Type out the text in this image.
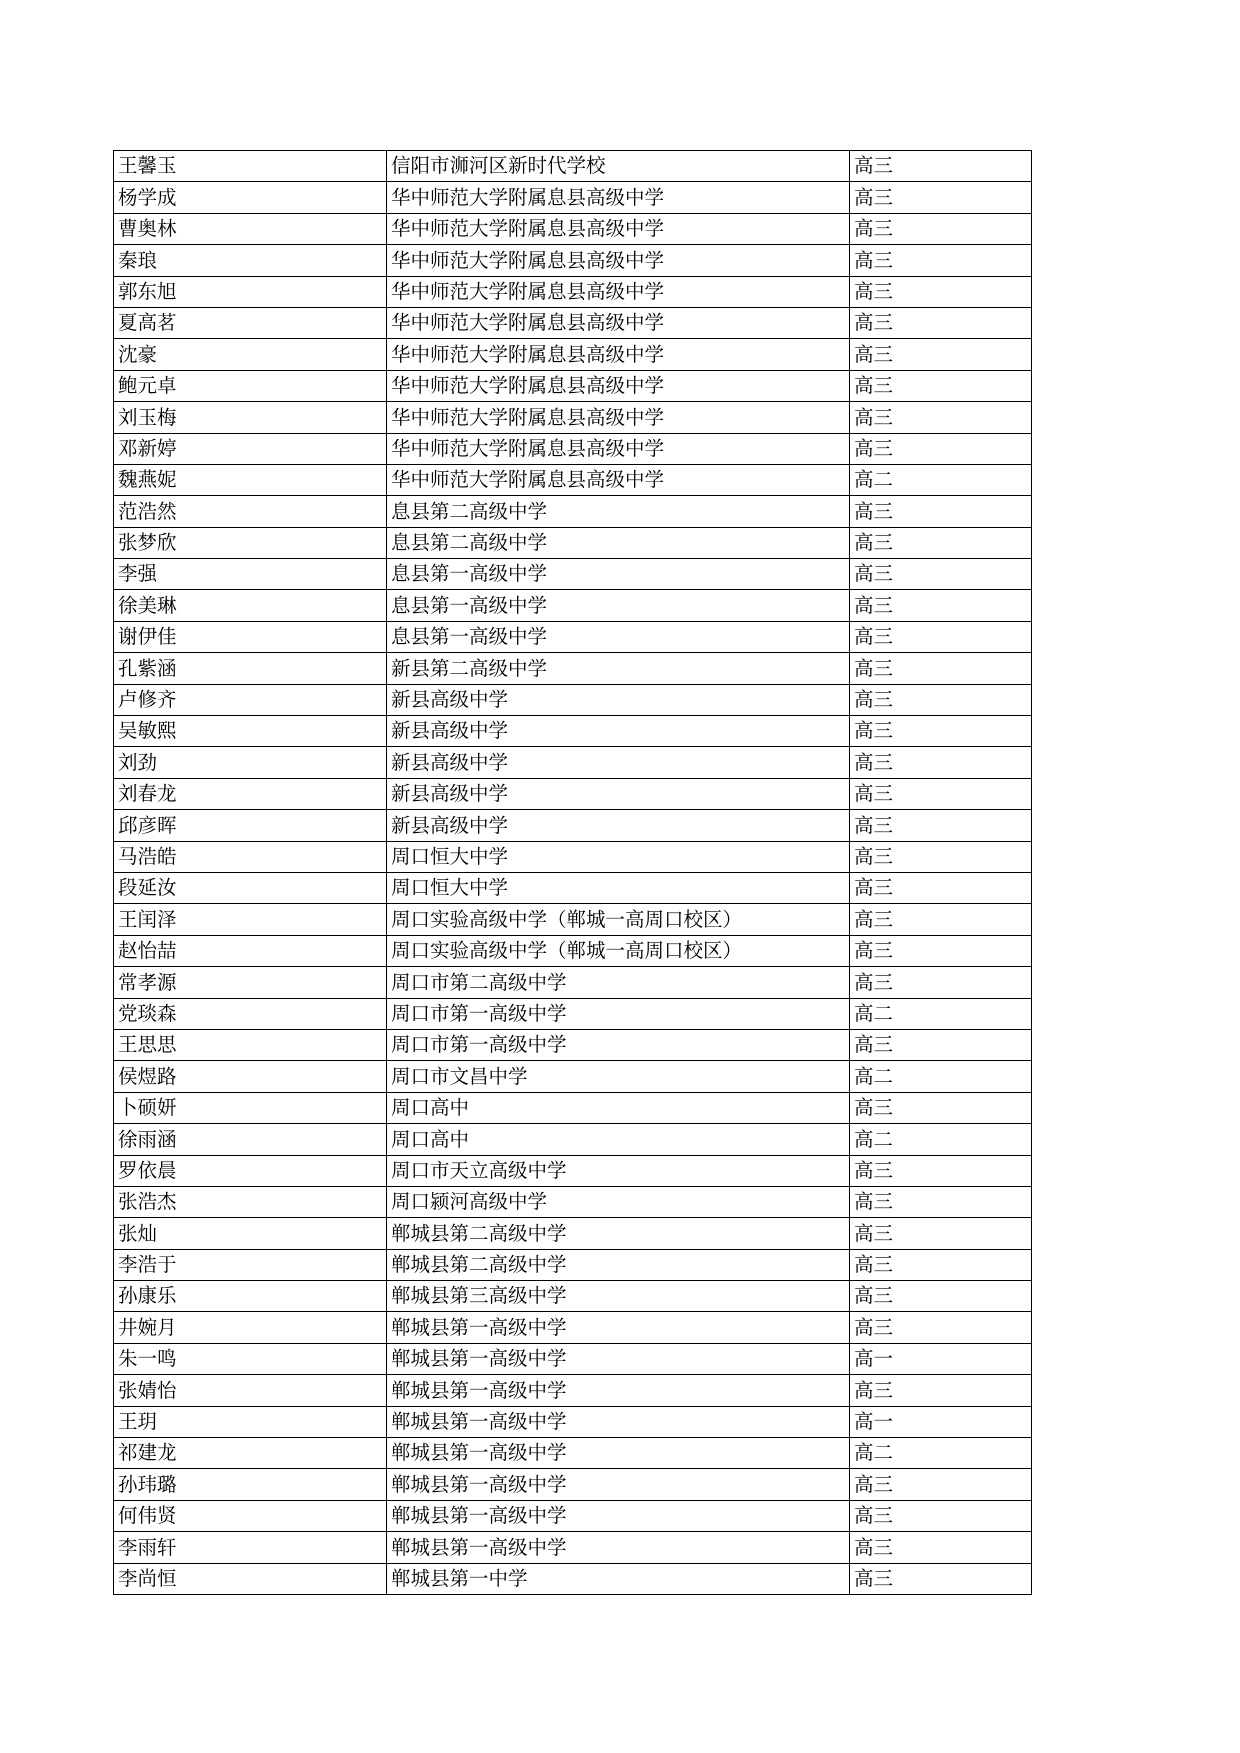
王馨玉	信阳市浉河区新时代学校	高三
杨学成	华中师范大学附属息县高级中学	高三
曹奥林	华中师范大学附属息县高级中学	高三
秦琅	华中师范大学附属息县高级中学	高三
郭东旭	华中师范大学附属息县高级中学	高三
夏高茗	华中师范大学附属息县高级中学	高三
沈豪	华中师范大学附属息县高级中学	高三
鲍元卓	华中师范大学附属息县高级中学	高三
刘玉梅	华中师范大学附属息县高级中学	高三
邓新婷	华中师范大学附属息县高级中学	高三
魏燕妮	华中师范大学附属息县高级中学	高二
范浩然	息县第二高级中学	高三
张梦欣	息县第二高级中学	高三
李强	息县第一高级中学	高三
徐美琳	息县第一高级中学	高三
谢伊佳	息县第一高级中学	高三
孔紫涵	新县第二高级中学	高三
卢修齐	新县高级中学	高三
吴敏熙	新县高级中学	高三
刘劲	新县高级中学	高三
刘春龙	新县高级中学	高三
邱彦晖	新县高级中学	高三
马浩皓	周口恒大中学	高三
段延汝	周口恒大中学	高三
王闰泽	周口实验高级中学（郸城一高周口校区）	高三
赵怡喆	周口实验高级中学（郸城一高周口校区）	高三
常孝源	周口市第二高级中学	高三
党琰森	周口市第一高级中学	高二
王思思	周口市第一高级中学	高三
侯煜路	周口市文昌中学	高二
卜硕妍	周口高中	高三
徐雨涵	周口高中	高二
罗依晨	周口市天立高级中学	高三
张浩杰	周口颍河高级中学	高三
张灿	郸城县第二高级中学	高三
李浩于	郸城县第二高级中学	高三
孙康乐	郸城县第三高级中学	高三
井婉月	郸城县第一高级中学	高三
朱一鸣	郸城县第一高级中学	高一
张婧怡	郸城县第一高级中学	高三
王玥	郸城县第一高级中学	高一
祁建龙	郸城县第一高级中学	高二
孙玮璐	郸城县第一高级中学	高三
何伟贤	郸城县第一高级中学	高三
李雨轩	郸城县第一高级中学	高三
李尚恒	郸城县第一中学	高三
